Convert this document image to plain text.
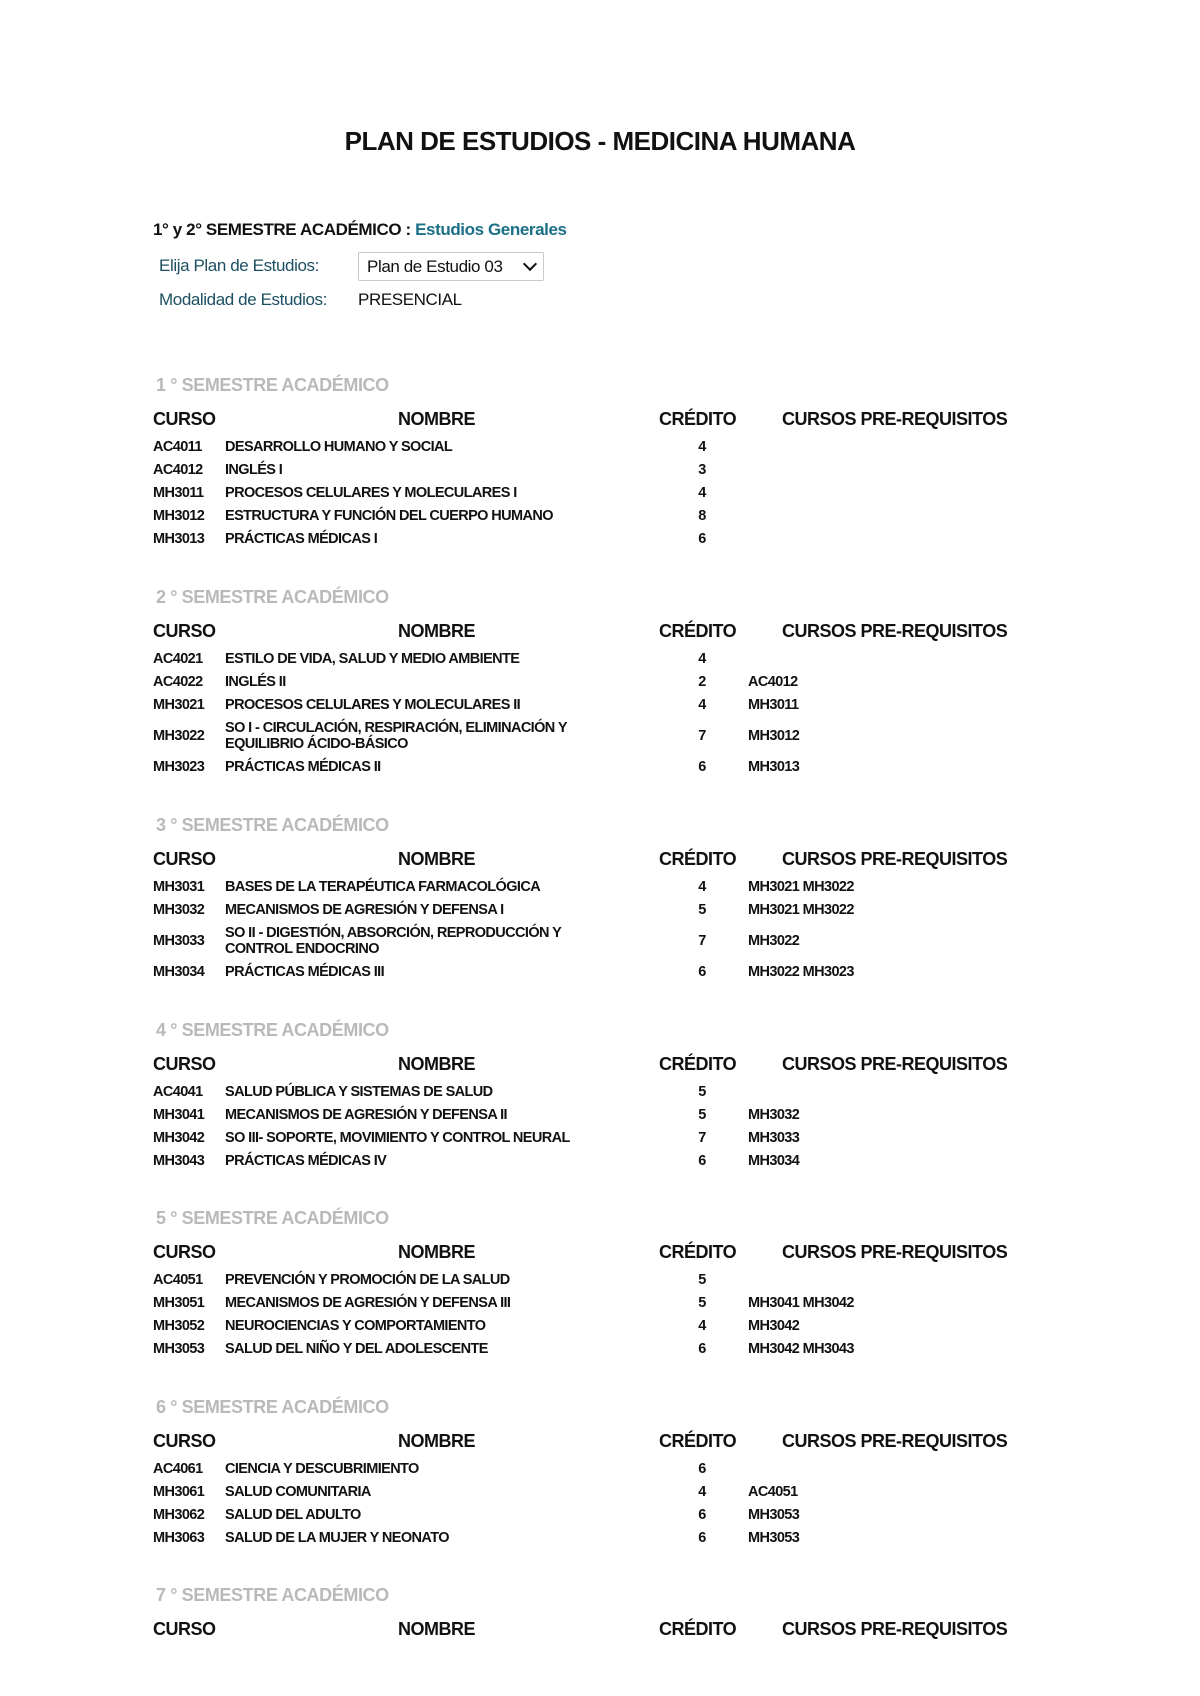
PLAN DE ESTUDIOS - MEDICINA HUMANA
1° y 2° SEMESTRE ACADÉMICO : Estudios Generales
Elija Plan de Estudios:	Plan de Estudio 03
Modalidad de Estudios: PRESENCIAL
1 ° SEMESTRE ACADÉMICO
CURSO	NOMBRE	CRÉDITO	CURSOS PRE-REQUISITOS
AC4011 DESARROLLO HUMANO Y SOCIAL	4
AC4012 INGLÉS I	3
MH3011 PROCESOS CELULARES Y MOLECULARES I	4
MH3012 ESTRUCTURA Y FUNCIÓN DEL CUERPO HUMANO	8
MH3013 PRÁCTICAS MÉDICAS I	6
2 ° SEMESTRE ACADÉMICO
CURSO	NOMBRE	CRÉDITO	CURSOS PRE-REQUISITOS
AC4021 ESTILO DE VIDA, SALUD Y MEDIO AMBIENTE	4
AC4022 INGLÉS II	2	AC4012
MH3021 PROCESOS CELULARES Y MOLECULARES II	4	MH3011
MH3022 SO I - CIRCULACIÓN, RESPIRACIÓN, ELIMINACIÓN Y EQUILIBRIO ÁCIDO-BÁSICO	7	MH3012
MH3023 PRÁCTICAS MÉDICAS II	6	MH3013
3 ° SEMESTRE ACADÉMICO
CURSO	NOMBRE	CRÉDITO	CURSOS PRE-REQUISITOS
MH3031 BASES DE LA TERAPÉUTICA FARMACOLÓGICA	4	MH3021 MH3022
MH3032 MECANISMOS DE AGRESIÓN Y DEFENSA I	5	MH3021 MH3022
MH3033 SO II - DIGESTIÓN, ABSORCIÓN, REPRODUCCIÓN Y CONTROL ENDOCRINO	7	MH3022
MH3034 PRÁCTICAS MÉDICAS III	6	MH3022 MH3023
4 ° SEMESTRE ACADÉMICO
CURSO	NOMBRE	CRÉDITO	CURSOS PRE-REQUISITOS
AC4041 SALUD PÚBLICA Y SISTEMAS DE SALUD	5
MH3041 MECANISMOS DE AGRESIÓN Y DEFENSA II	5	MH3032
MH3042 SO III- SOPORTE, MOVIMIENTO Y CONTROL NEURAL	7	MH3033
MH3043 PRÁCTICAS MÉDICAS IV	6	MH3034
5 ° SEMESTRE ACADÉMICO
CURSO	NOMBRE	CRÉDITO	CURSOS PRE-REQUISITOS
AC4051 PREVENCIÓN Y PROMOCIÓN DE LA SALUD	5
MH3051 MECANISMOS DE AGRESIÓN Y DEFENSA III	5	MH3041 MH3042
MH3052 NEUROCIENCIAS Y COMPORTAMIENTO	4	MH3042
MH3053 SALUD DEL NIÑO Y DEL ADOLESCENTE	6	MH3042 MH3043
6 ° SEMESTRE ACADÉMICO
CURSO	NOMBRE	CRÉDITO	CURSOS PRE-REQUISITOS
AC4061 CIENCIA Y DESCUBRIMIENTO	6
MH3061 SALUD COMUNITARIA	4	AC4051
MH3062 SALUD DEL ADULTO	6	MH3053
MH3063 SALUD DE LA MUJER Y NEONATO	6	MH3053
7 ° SEMESTRE ACADÉMICO
CURSO	NOMBRE	CRÉDITO	CURSOS PRE-REQUISITOS
